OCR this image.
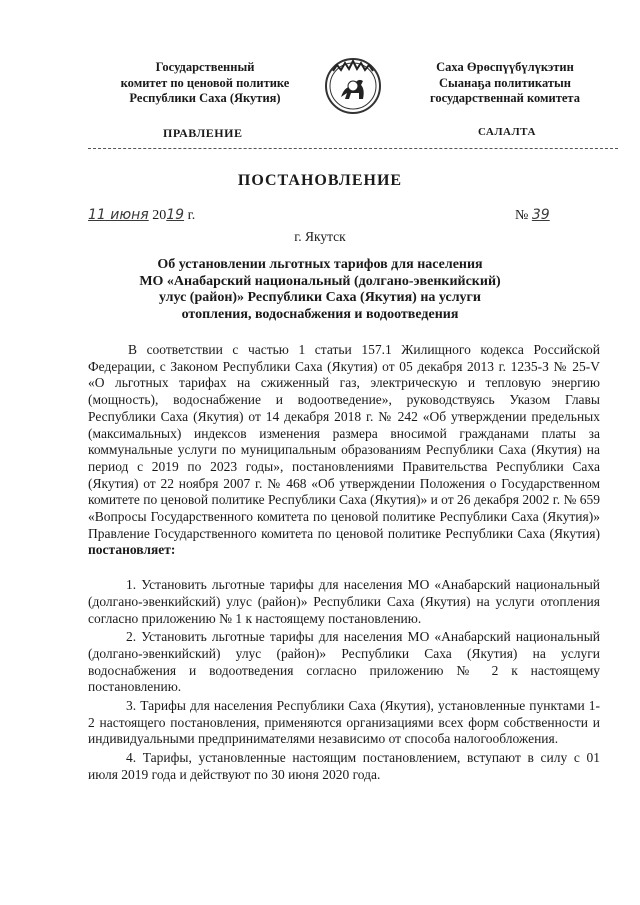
Государственный
комитет по ценовой политике
Республики Саха (Якутия)
Саха Өрөспүүбүлүкэтин
Сыанаҕа политикатын
государственнай комитета
ПРАВЛЕНИЕ	САЛАЛТА
ПОСТАНОВЛЕНИЕ
11 июня 2019 г.	№ 39
г. Якутск
Об установлении льготных тарифов для населения
МО «Анабарский национальный (долгано-эвенкийский)
улус (район)» Республики Саха (Якутия) на услуги
отопления, водоснабжения и водоотведения

В соответствии с частью 1 статьи 157.1 Жилищного кодекса Российской Федерации, с Законом Республики Саха (Якутия) от 05 декабря 2013 г. 1235-З № 25-V «О льготных тарифах на сжиженный газ, электрическую и тепловую энергию (мощность), водоснабжение и водоотведение», руководствуясь Указом Главы Республики Саха (Якутия) от 14 декабря 2018 г. № 242 «Об утверждении предельных (максимальных) индексов изменения размера вносимой гражданами платы за коммунальные услуги по муниципальным образованиям Республики Саха (Якутия) на период с 2019 по 2023 годы», постановлениями Правительства Республики Саха (Якутия) от 22 ноября 2007 г. № 468 «Об утверждении Положения о Государственном комитете по ценовой политике Республики Саха (Якутия)» и от 26 декабря 2002 г. № 659 «Вопросы Государственного комитета по ценовой политике Республики Саха (Якутия)» Правление Государственного комитета по ценовой политике Республики Саха (Якутия) постановляет:

1. Установить льготные тарифы для населения МО «Анабарский национальный (долгано-эвенкийский) улус (район)» Республики Саха (Якутия) на услуги отопления согласно приложению № 1 к настоящему постановлению.

2. Установить льготные тарифы для населения МО «Анабарский национальный (долгано-эвенкийский) улус (район)» Республики Саха (Якутия) на услуги водоснабжения и водоотведения согласно приложению № 2 к настоящему постановлению.

3. Тарифы для населения Республики Саха (Якутия), установленные пунктами 1-2 настоящего постановления, применяются организациями всех форм собственности и индивидуальными предпринимателями независимо от способа налогообложения.

4. Тарифы, установленные настоящим постановлением, вступают в силу с 01 июля 2019 года и действуют по 30 июня 2020 года.
